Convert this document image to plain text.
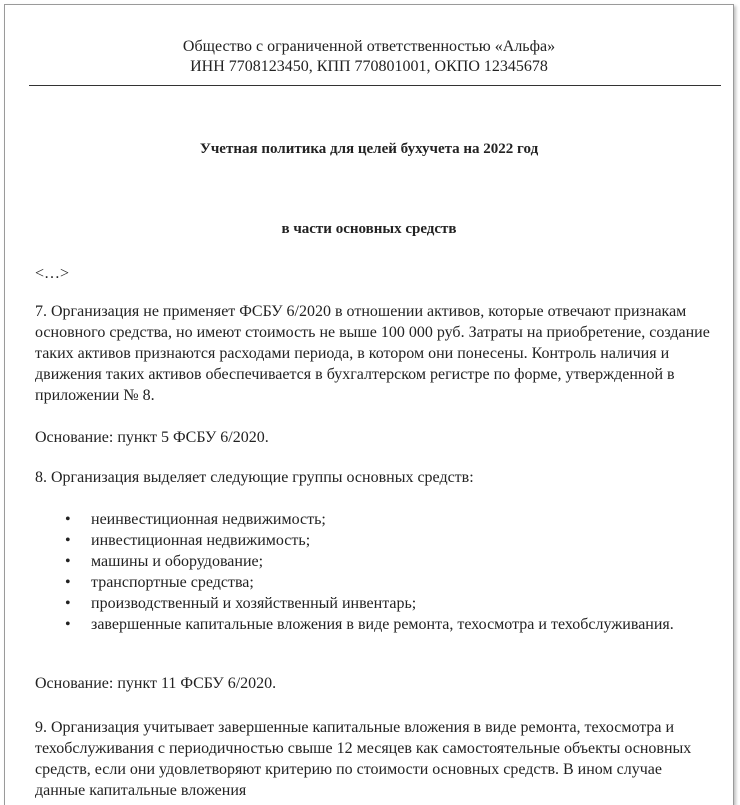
Общество с ограниченной ответственностью «Альфа»
ИНН 7708123450, КПП 770801001, ОКПО 12345678
Учетная политика для целей бухучета на 2022 год
в части основных средств
<…>

7. Организация не применяет ФСБУ 6/2020 в отношении активов, которые отвечают признакам основного средства, но имеют стоимость не выше 100 000 руб. Затраты на приобретение, создание таких активов признаются расходами периода, в котором они понесены. Контроль наличия и движения таких активов обеспечивается в бухгалтерском регистре по форме, утвержденной в приложении № 8.

Основание: пункт 5 ФСБУ 6/2020.

8. Организация выделяет следующие группы основных средств:

• неинвестиционная недвижимость;
• инвестиционная недвижимость;
• машины и оборудование;
• транспортные средства;
• производственный и хозяйственный инвентарь;
• завершенные капитальные вложения в виде ремонта, техосмотра и техобслуживания.

Основание: пункт 11 ФСБУ 6/2020.

9. Организация учитывает завершенные капитальные вложения в виде ремонта, техосмотра и техобслуживания с периодичностью свыше 12 месяцев как самостоятельные объекты основных средств, если они удовлетворяют критерию по стоимости основных средств. В ином случае данные капитальные вложения
